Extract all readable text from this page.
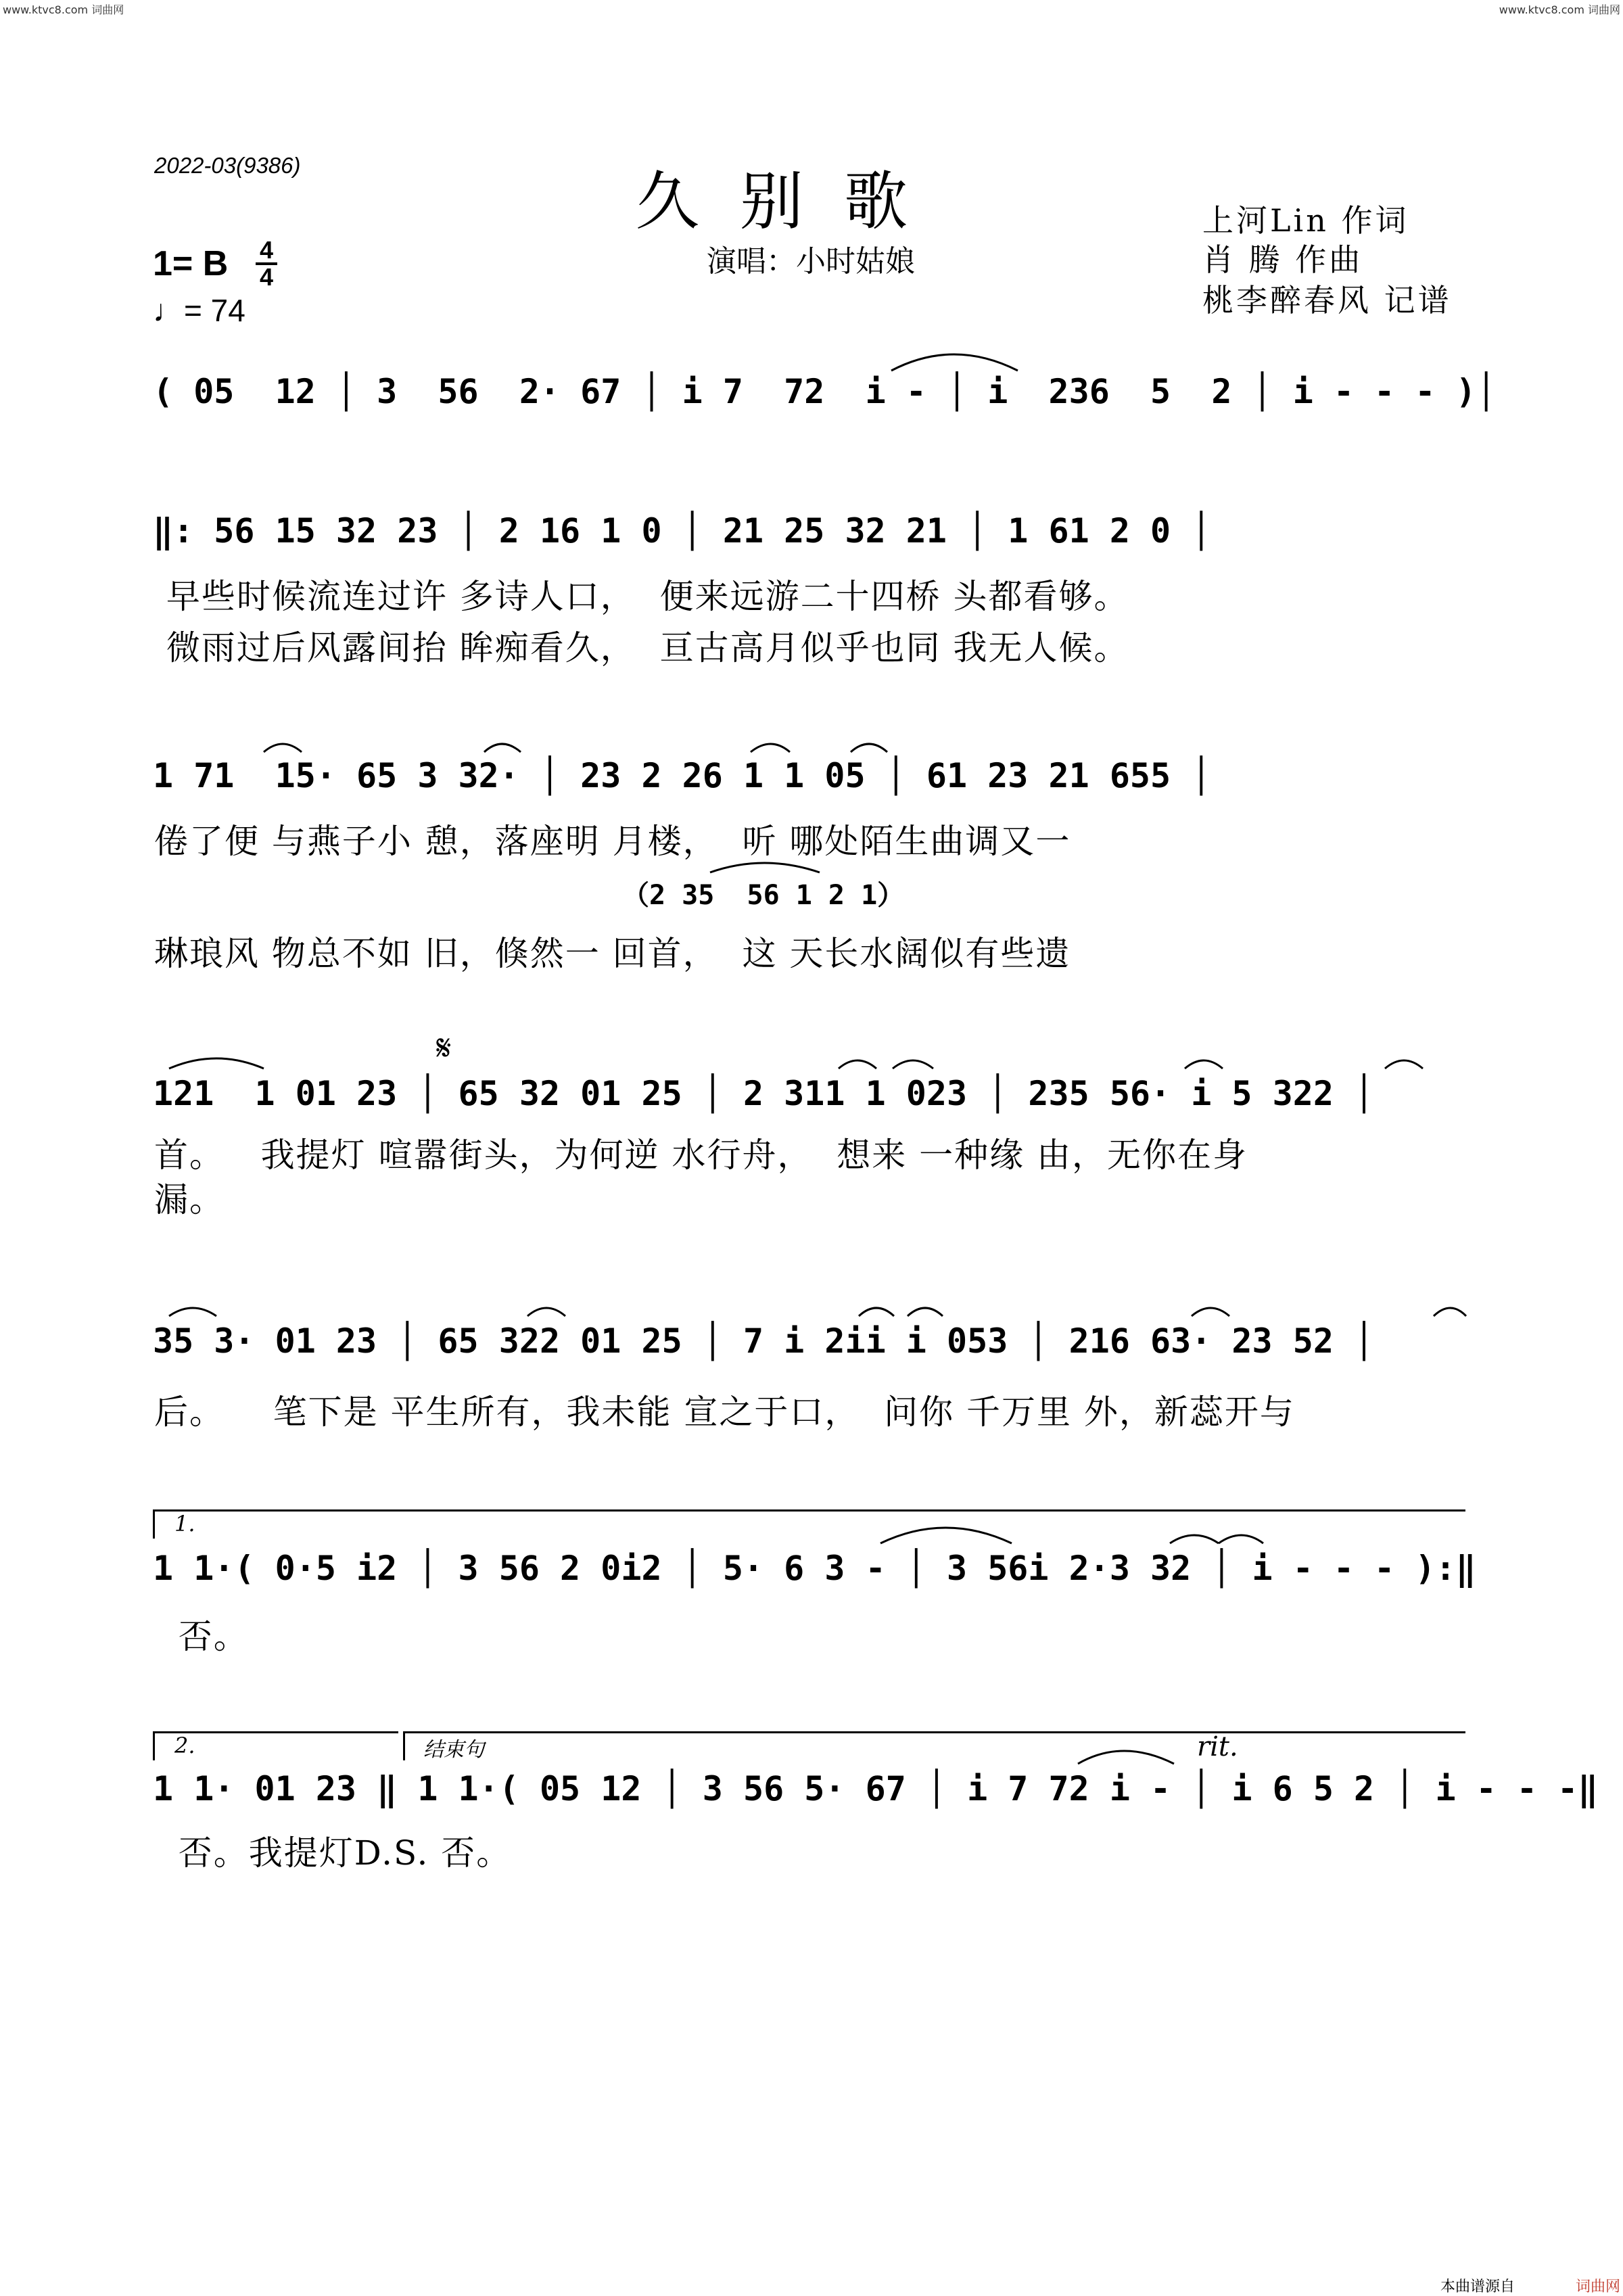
www.ktvc8.com 词曲网	www.ktvc8.com 词曲网
2022-03(9386)	久别歌
演唱：小时姑娘
上河Lin 作词
肖 腾 作曲
桃李醉春风 记谱
1= B 4
4
♩= 74
( 05  12 │ 3  56  2· 67 │ i 7  72  i - │ i  236  5  2 │ i - - - )│
‖: 56 15 32 23 │ 2 16 1 0 │ 21 25 32 21 │ 1 61 2 0 │
早些时候流连过许 多诗人口，  便来远游二十四桥 头都看够。
微雨过后风露间抬 眸痴看久，  亘古高月似乎也同 我无人候。
1 71  15· 65 3 32· │ 23 2 26 1 1 05 │ 61 23 21 655 │
倦了便 与燕子小 憩，落座明 月楼，  听 哪处陌生曲调又一
（2 35  56 1 2 1）
琳琅风 物总不如 旧，倏然一 回首，  这 天长水阔似有些遗
𝄋
121  1 01 23 │ 65 32 01 25 │ 2 311 1 023 │ 235 56· i 5 322 │
首。   我提灯 喧嚣街头，为何逆 水行舟，  想来 一种缘 由，无你在身
漏。
35 3· 01 23 │ 65 322 01 25 │ 7 i 2ii i 053 │ 216 63· 23 52 │
后。    笔下是 平生所有，我未能 宣之于口，  问你 千万里 外，新蕊开与
1.
1 1·( 0·5 i2 │ 3 56 2 0i2 │ 5· 6 3 - │ 3 56i 2·3 32 │ i - - - ):‖
否。
2.	结束句	rit.
1 1· 01 23 ‖ 1 1·( 05 12 │ 3 56 5· 67 │ i 7 72 i - │ i 6 5 2 │ i - - -‖
否。我提灯D.S. 否。
本曲谱源自	词曲网
